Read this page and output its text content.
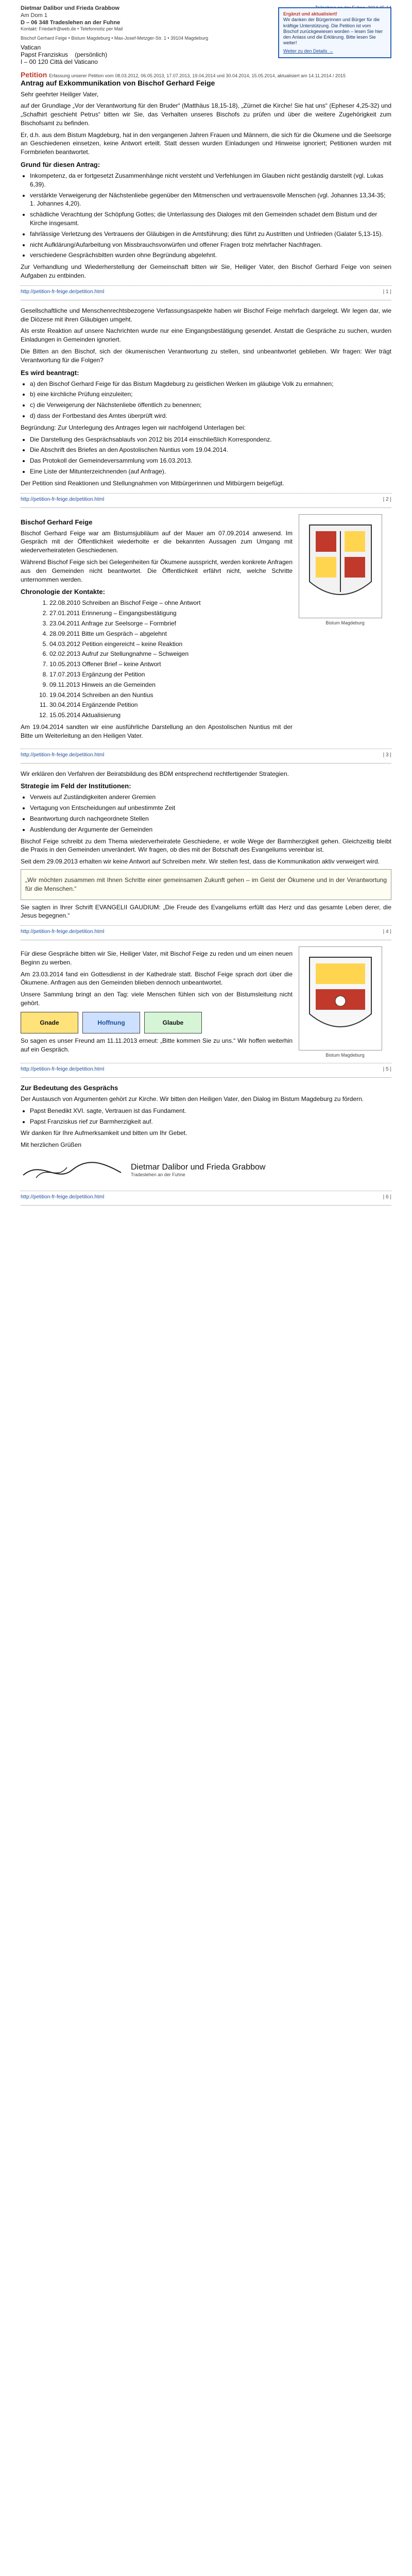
Dietmar Dalibor und Frieda Grabbow
Am Dom 1
D – 06 348 Tradeslehen an der Fuhne
Kontakt: Friedarfr@web.de • Telefonnotiz per Mail
Ergänzt und aktualisiert!
Wir danken der Bürgerinnen und Bürger für die kräftige Unterstützung. Die Petition ist vom Bischof zurückgewiesen worden – lesen Sie hier den Anlass und die Erklärung. Bitte lesen Sie weiter!
Weiter zu den Details →
Bischof Gerhard Feige • Bistum Magdeburg • Max-Josef-Metzger-Str. 1 • 39104 Magdeburg
Vatican
Papst Franziskus (persönlich)
I – 00 120 Città del Vaticano
Petition Erfassung unserer Petition vom 08.03.2012, 06.05.2013, 17.07.2013, 19.04.2014 und 30.04.2014, 15.05.2014, aktualisiert am 14.11.2014 / 2015
Antrag auf Exkommunikation von Bischof Gerhard Feige
Sehr geehrter Heiliger Vater,
auf der Grundlage „Vor der Verantwortung für den Bruder“ (Matthäus 18,15-18), „Zürnet die Kirche! Sie hat uns“ (Epheser 4,25-32) und „Schafhirt geschieht Petrus“ bitten wir Sie, das Verhalten unseres Bischofs zu prüfen und über die weitere Zugehörigkeit zum Bischofsamt zu befinden.
Er, d.h. aus dem Bistum Magdeburg, hat in den vergangenen Jahren Frauen und Männern, die sich für die Ökumene und die Seelsorge an Geschiedenen einsetzen, keine Antwort erteilt. Statt dessen wurden Einladungen und Hinweise ignoriert; Petitionen wurden mit Formbriefen beantwortet.
Grund für diesen Antrag:
• Inkompetenz, da er fortgesetzt Zusammenhänge nicht versteht und Verfehlungen im Glauben nicht geständig darstellt (vgl. Lukas 6,39).
• verstärkte Verweigerung der Nächstenliebe gegenüber den Mitmenschen und vertrauensvolle Menschen (vgl. Johannes 13,34-35; 1. Johannes 4,20).
• schädliche Verachtung der Schöpfung Gottes; die Unterlassung des Dialoges mit den Gemeinden schadet dem Bistum und der Kirche insgesamt.
• fahrlässige Verletzung des Vertrauens der Gläubigen in die Amtsführung; dies führt zu Austritten und Unfrieden (Galater 5,13-15).
• nicht Aufklärung/Aufarbeitung von Missbrauchsvorwürfen und offener Fragen trotz mehrfacher Nachfragen.
• verschiedene Gesprächsbitten wurden ohne Begründung abgelehnt.
Zur Verhandlung und Wiederherstellung der Gemeinschaft bitten wir Sie, Heiliger Vater, den Bischof Gerhard Feige von seinen Aufgaben zu entbinden.
http://petition-fr-feige.de/petition.html	| 1 |
Gesellschaftliche und Menschenrechtsbezogene Verfassungsaspekte haben wir Bischof Feige mehrfach dargelegt. Wir legen dar, wie die Diözese mit ihren Gläubigen umgeht.
Als erste Reaktion auf unsere Nachrichten wurde nur eine Eingangsbestätigung gesendet. Anstatt die Gespräche zu suchen, wurden Einladungen in Gemeinden ignoriert.
Die Bitten an den Bischof, sich der ökumenischen Verantwortung zu stellen, sind unbeantwortet geblieben. Wir fragen: Wer trägt Verantwortung für die Folgen?
Es wird beantragt:
• a) den Bischof Gerhard Feige für das Bistum Magdeburg zu geistlichen Werken im gläubige Volk zu ermahnen;
• b) eine kirchliche Prüfung einzuleiten;
• c) die Verweigerung der Nächstenliebe öffentlich zu benennen;
• d) dass der Fortbestand des Amtes überprüft wird.
Begründung: Zur Unterlegung des Antrages legen wir nachfolgend Unterlagen bei:
• Die Darstellung des Gesprächsablaufs von 2012 bis 2014 einschließlich Korrespondenz.
• Die Abschrift des Briefes an den Apostolischen Nuntius vom 19.04.2014.
• Das Protokoll der Gemeindeversammlung vom 16.03.2013.
• Eine Liste der Mitunterzeichnenden (auf Anfrage).
Der Petition sind Reaktionen und Stellungnahmen von Mitbürgerinnen und Mitbürgern beigefügt.
http://petition-fr-feige.de/petition.html	| 2 |
Bischof Gerhard Feige
Bischof Gerhard Feige war am Bistumsjubiläum auf der Mauer am 07.09.2014 anwesend. Im Gespräch mit der Öffentlichkeit wiederholte er die bekannten Aussagen zum Umgang mit wiederverheirateten Geschiedenen.
Während Bischof Feige sich bei Gelegenheiten für Ökumene ausspricht, werden konkrete Anfragen aus den Gemeinden nicht beantwortet. Die Öffentlichkeit erfährt nicht, welche Schritte unternommen werden.
Chronologie der Kontakte:
1. 22.08.2010 Schreiben an Bischof Feige – ohne Antwort
2. 27.01.2011 Erinnerung – Eingangsbestätigung
3. 23.04.2011 Anfrage zur Seelsorge – Formbrief
4. 28.09.2011 Bitte um Gespräch – abgelehnt
5. 04.03.2012 Petition eingereicht – keine Reaktion
6. 02.02.2013 Aufruf zur Stellungnahme – Schweigen
7. 10.05.2013 Offener Brief – keine Antwort
8. 17.07.2013 Ergänzung der Petition
9. 09.11.2013 Hinweis an die Gemeinden
10. 19.04.2014 Schreiben an den Nuntius
11. 30.04.2014 Ergänzende Petition
12. 15.05.2014 Aktualisierung
Am 19.04.2014 sandten wir eine ausführliche Darstellung an den Apostolischen Nuntius mit der Bitte um Weiterleitung an den Heiligen Vater.
Bistum Magdeburg
http://petition-fr-feige.de/petition.html	| 3 |
Wir erklären den Verfahren der Beiratsbildung des BDM entsprechend rechtfertigender Strategien.
Strategie im Feld der Institutionen:
• Verweis auf Zuständigkeiten anderer Gremien
• Vertagung von Entscheidungen auf unbestimmte Zeit
• Beantwortung durch nachgeordnete Stellen
• Ausblendung der Argumente der Gemeinden
Bischof Feige schreibt zu dem Thema wiederverheiratete Geschiedene, er wolle Wege der Barmherzigkeit gehen. Gleichzeitig bleibt die Praxis in den Gemeinden unverändert. Wir fragen, ob dies mit der Botschaft des Evangeliums vereinbar ist.
Seit dem 29.09.2013 erhalten wir keine Antwort auf Schreiben mehr. Wir stellen fest, dass die Kommunikation aktiv verweigert wird.
„Wir möchten zusammen mit Ihnen Schritte einer gemeinsamen Zukunft gehen – im Geist der Ökumene und in der Verantwortung für die Menschen.“
Sie sagten in Ihrer Schrift EVANGELII GAUDIUM: „Die Freude des Evangeliums erfüllt das Herz und das gesamte Leben derer, die Jesus begegnen.“
http://petition-fr-feige.de/petition.html	| 4 |
Für diese Gespräche bitten wir Sie, Heiliger Vater, mit Bischof Feige zu reden und um einen neuen Beginn zu werben.
Am 23.03.2014 fand ein Gottesdienst in der Kathedrale statt. Bischof Feige sprach dort über die Ökumene. Anfragen aus den Gemeinden blieben dennoch unbeantwortet.
Unsere Sammlung bringt an den Tag: viele Menschen fühlen sich von der Bistumsleitung nicht gehört.
Gnade	Hoffnung	Glaube
So sagen es unser Freund am 11.11.2013 erneut: „Bitte kommen Sie zu uns.“ Wir hoffen weiterhin auf ein Gespräch.
Bistum Magdeburg
http://petition-fr-feige.de/petition.html	| 5 |
Zur Bedeutung des Gesprächs
Der Austausch von Argumenten gehört zur Kirche. Wir bitten den Heiligen Vater, den Dialog im Bistum Magdeburg zu fördern.
• Papst Benedikt XVI. sagte, Vertrauen ist das Fundament.
• Papst Franziskus rief zur Barmherzigkeit auf.
Wir danken für Ihre Aufmerksamkeit und bitten um Ihr Gebet.
Mit herzlichen Grüßen
Dietmar Dalibor und Frieda Grabbow
Tradeslehen an der Fuhne
http://petition-fr-feige.de/petition.html	| 6 |
